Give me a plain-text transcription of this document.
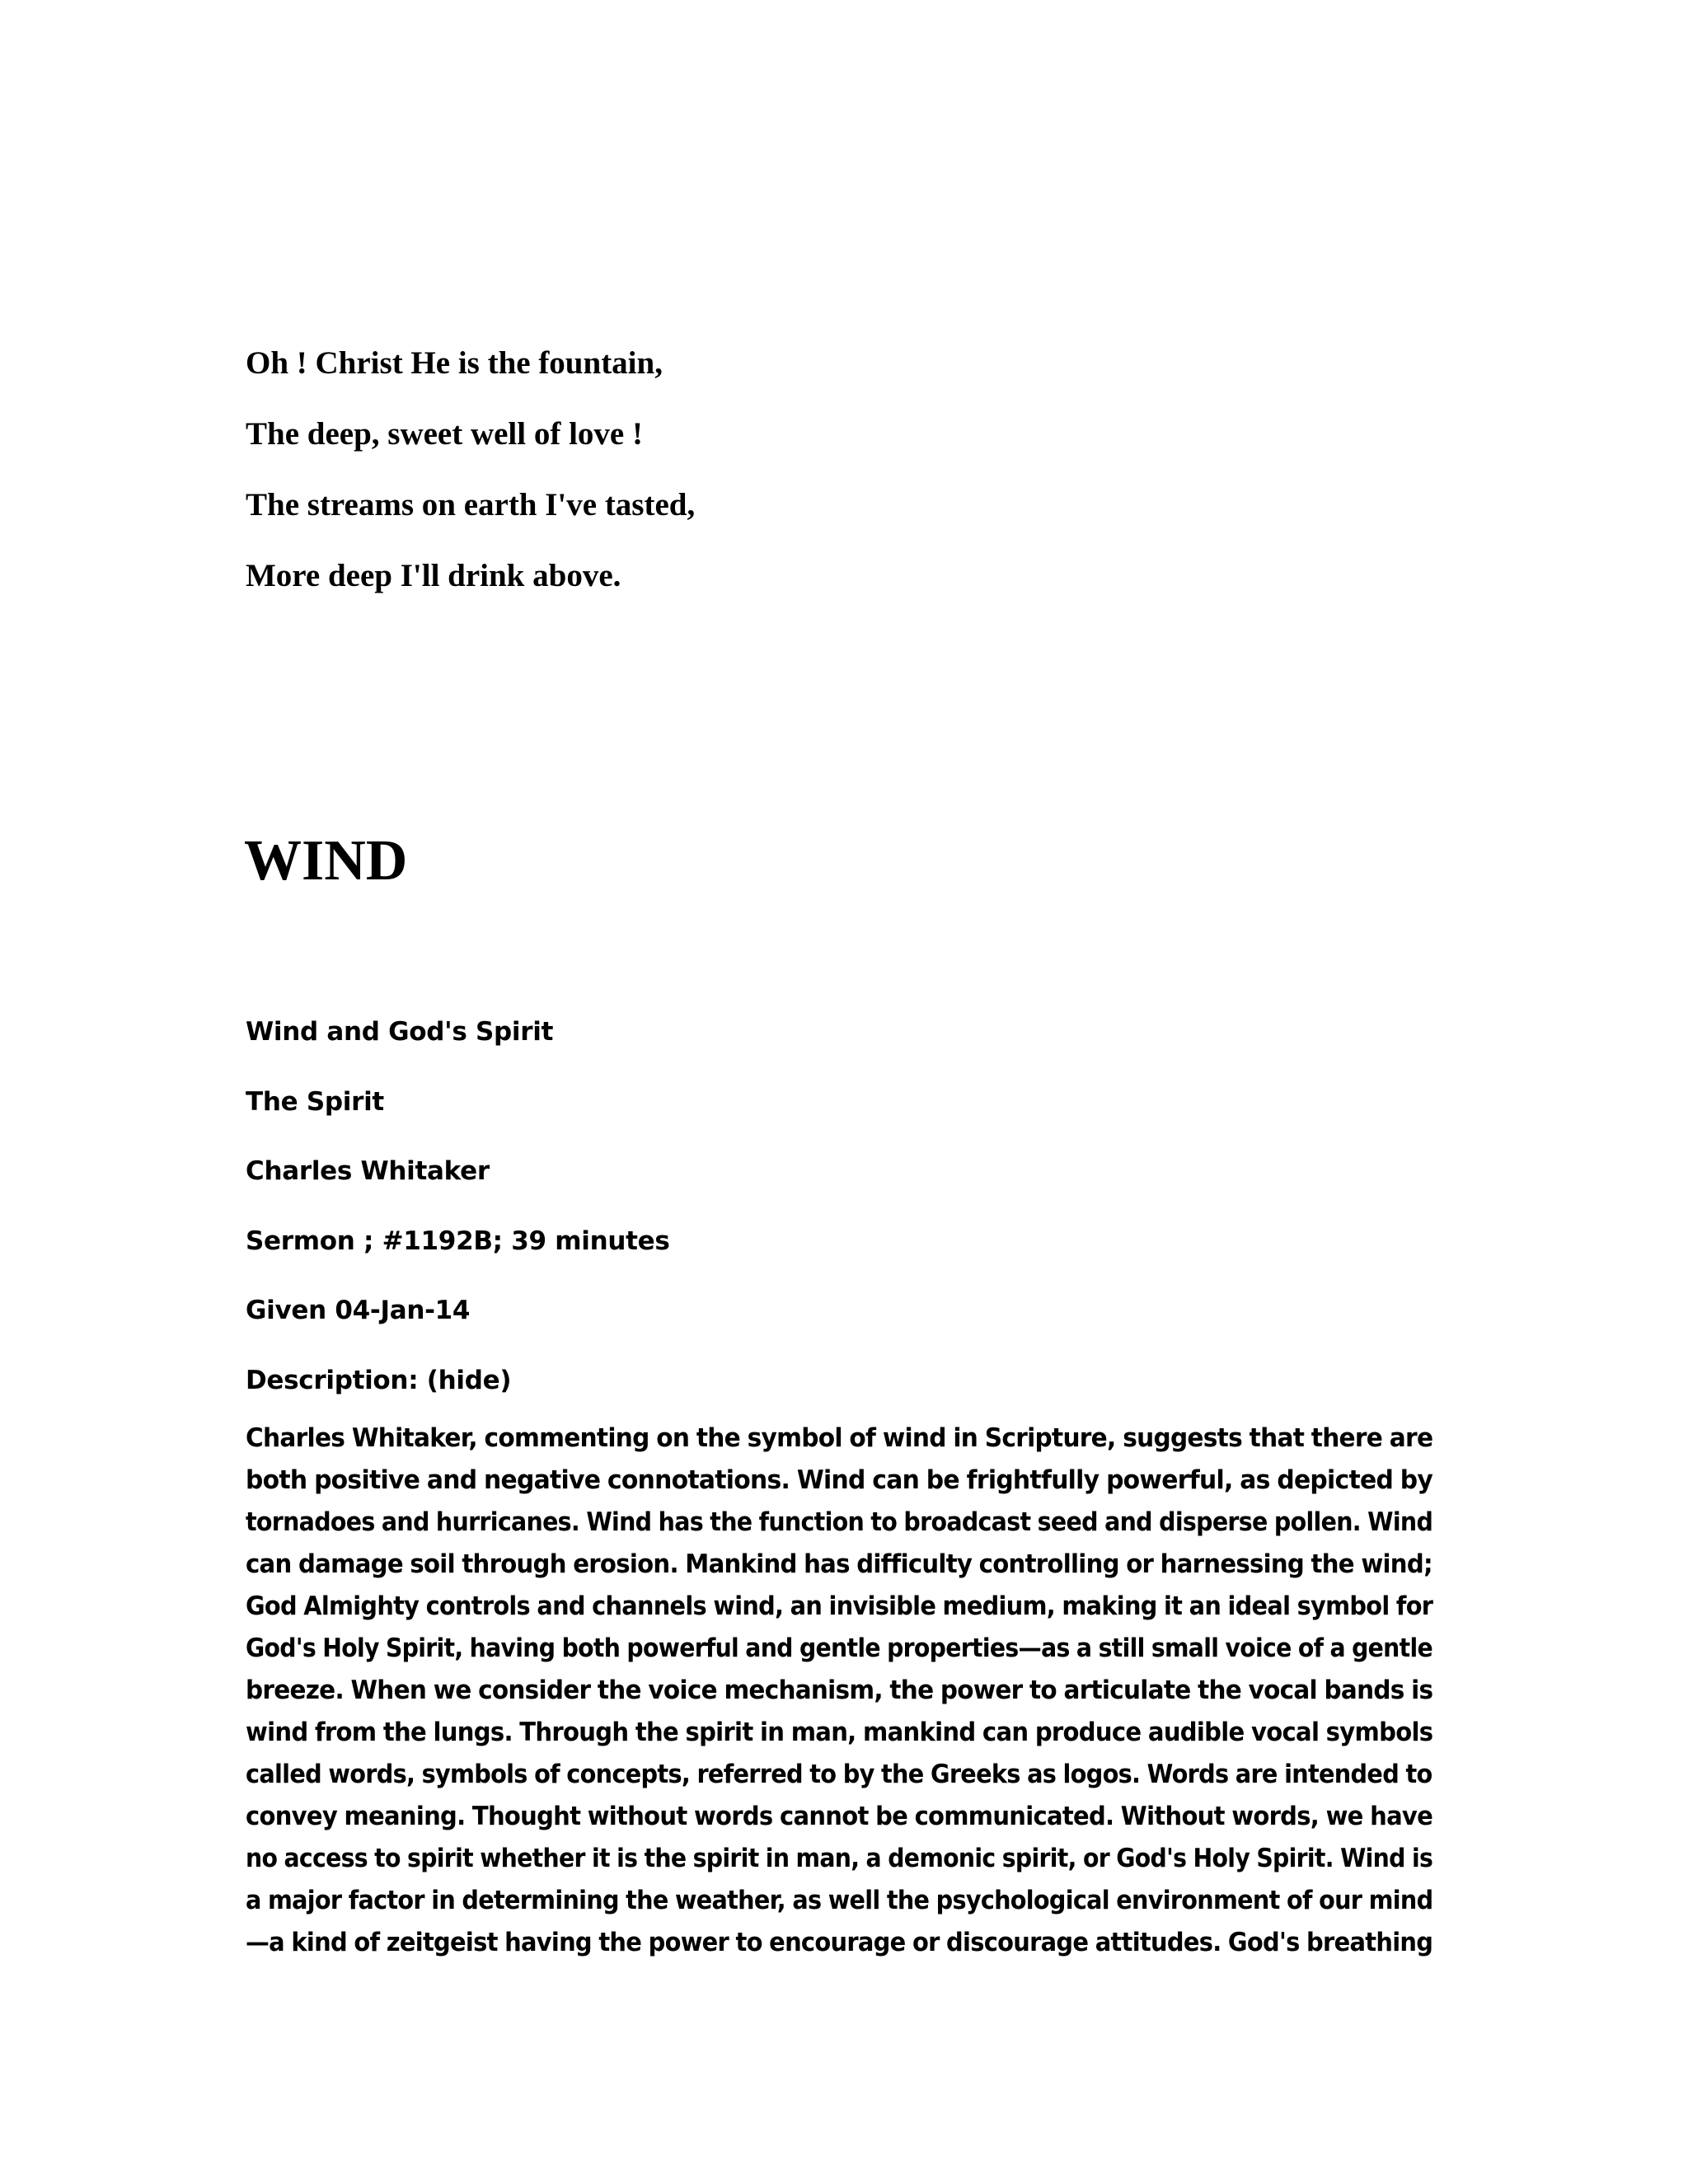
Oh ! Christ He is the fountain,

The deep, sweet well of love !

The streams on earth I've tasted,

More deep I'll drink above.

WIND

Wind and God's Spirit

The Spirit

Charles Whitaker

Sermon ; #1192B; 39 minutes

Given 04-Jan-14

Description: (hide)

Charles Whitaker, commenting on the symbol of wind in Scripture, suggests that there are
both positive and negative connotations. Wind can be frightfully powerful, as depicted by
tornadoes and hurricanes. Wind has the function to broadcast seed and disperse pollen. Wind
can damage soil through erosion. Mankind has difficulty controlling or harnessing the wind;
God Almighty controls and channels wind, an invisible medium, making it an ideal symbol for
God's Holy Spirit, having both powerful and gentle properties—as a still small voice of a gentle
breeze. When we consider the voice mechanism, the power to articulate the vocal bands is
wind from the lungs. Through the spirit in man, mankind can produce audible vocal symbols
called words, symbols of concepts, referred to by the Greeks as logos. Words are intended to
convey meaning. Thought without words cannot be communicated. Without words, we have
no access to spirit whether it is the spirit in man, a demonic spirit, or God's Holy Spirit. Wind is
a major factor in determining the weather, as well the psychological environment of our mind
—a kind of zeitgeist having the power to encourage or discourage attitudes. God's breathing
